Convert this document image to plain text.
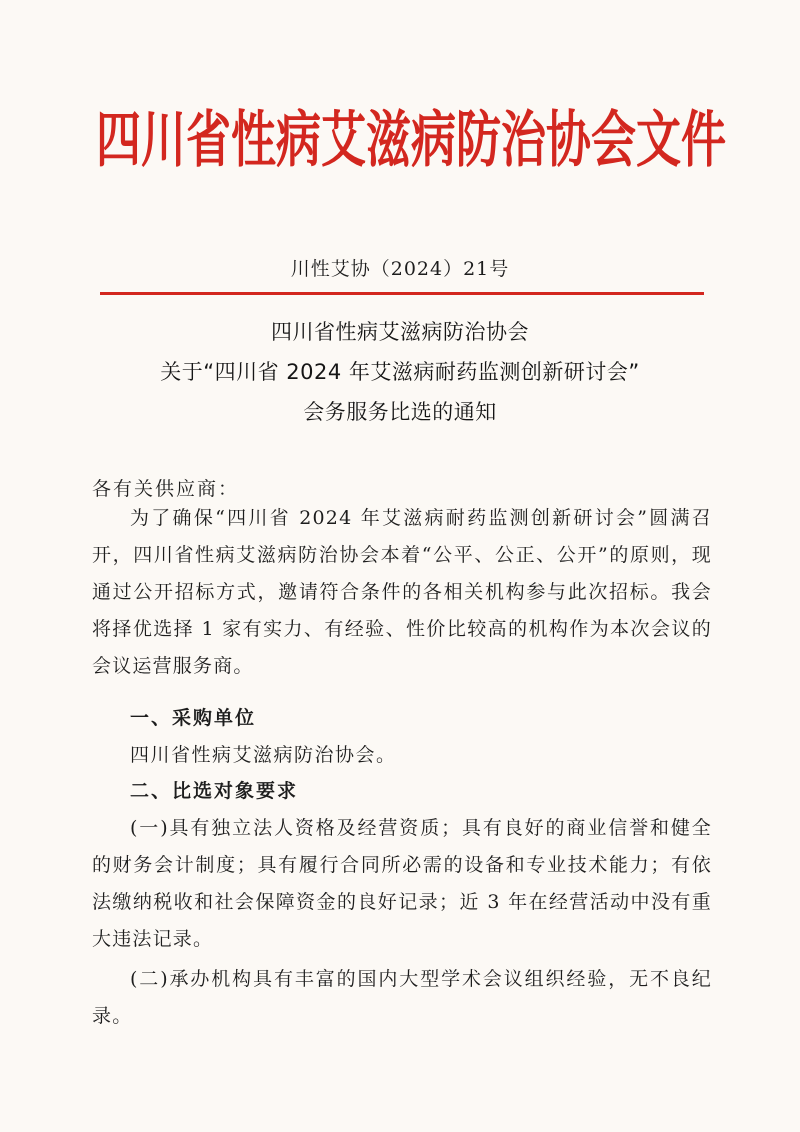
四川省性病艾滋病防治协会文件
川性艾协（2024）21号
四川省性病艾滋病防治协会
关于“四川省 2024 年艾滋病耐药监测创新研讨会”
会务服务比选的通知
各有关供应商：

为了确保“四川省 2024 年艾滋病耐药监测创新研讨会”圆满召开，四川省性病艾滋病防治协会本着“公平、公正、公开”的原则，现通过公开招标方式，邀请符合条件的各相关机构参与此次招标。我会将择优选择 1 家有实力、有经验、性价比较高的机构作为本次会议的会议运营服务商。

一、采购单位
四川省性病艾滋病防治协会。
二、比选对象要求

(一)具有独立法人资格及经营资质；具有良好的商业信誉和健全的财务会计制度；具有履行合同所必需的设备和专业技术能力；有依法缴纳税收和社会保障资金的良好记录；近 3 年在经营活动中没有重大违法记录。

(二)承办机构具有丰富的国内大型学术会议组织经验，无不良纪录。
